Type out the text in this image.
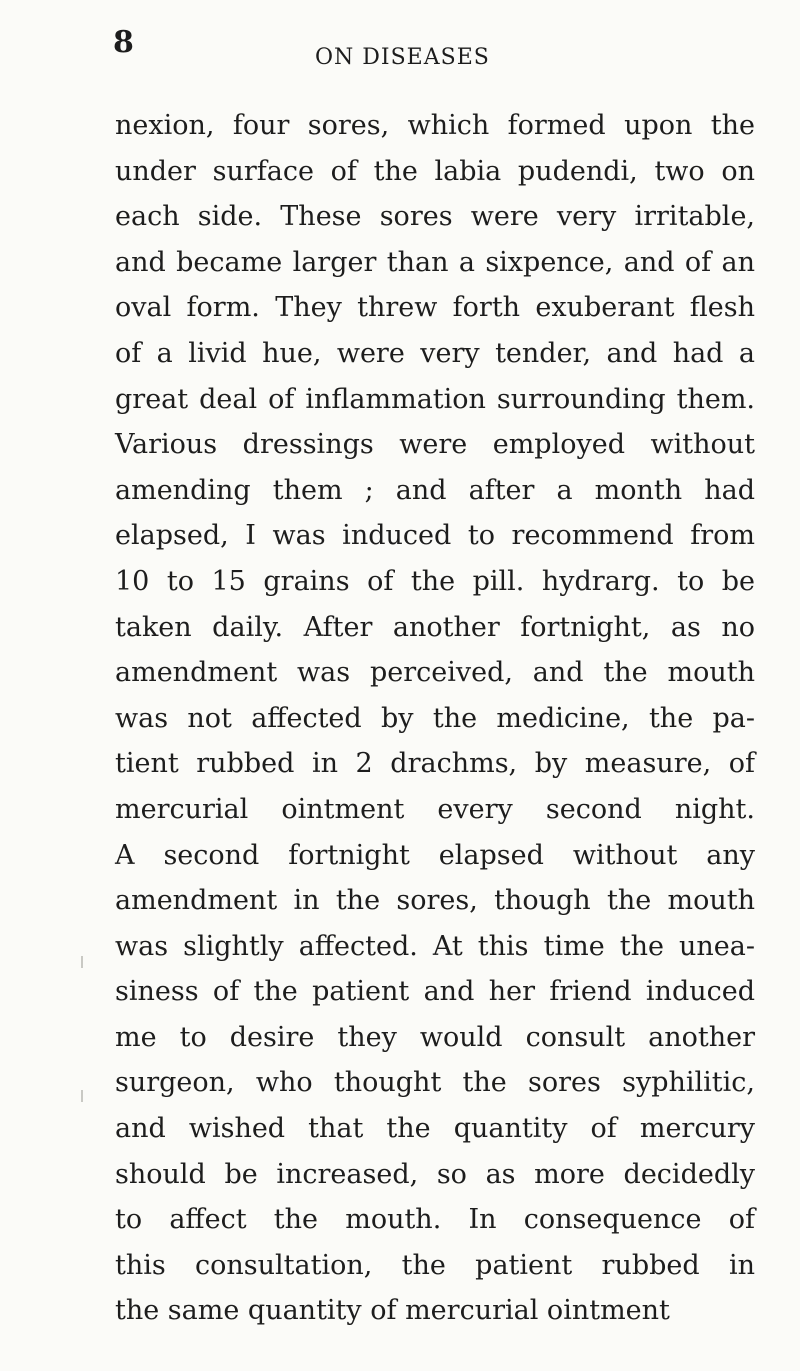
8	ON DISEASES
nexion, four sores, which formed upon the
under surface of the labia pudendi, two on
each side. These sores were very irritable,
and became larger than a sixpence, and of an
oval form. They threw forth exuberant flesh
of a livid hue, were very tender, and had a
great deal of inflammation surrounding them.
Various dressings were employed without
amending them ; and after a month had
elapsed, I was induced to recommend from
10 to 15 grains of the pill. hydrarg. to be
taken daily. After another fortnight, as no
amendment was perceived, and the mouth
was not affected by the medicine, the pa-
tient rubbed in 2 drachms, by measure, of
mercurial ointment every second night.
A second fortnight elapsed without any
amendment in the sores, though the mouth
was slightly affected. At this time the unea-
siness of the patient and her friend induced
me to desire they would consult another
surgeon, who thought the sores syphilitic,
and wished that the quantity of mercury
should be increased, so as more decidedly
to affect the mouth. In consequence of
this consultation, the patient rubbed in
the same quantity of mercurial ointment
